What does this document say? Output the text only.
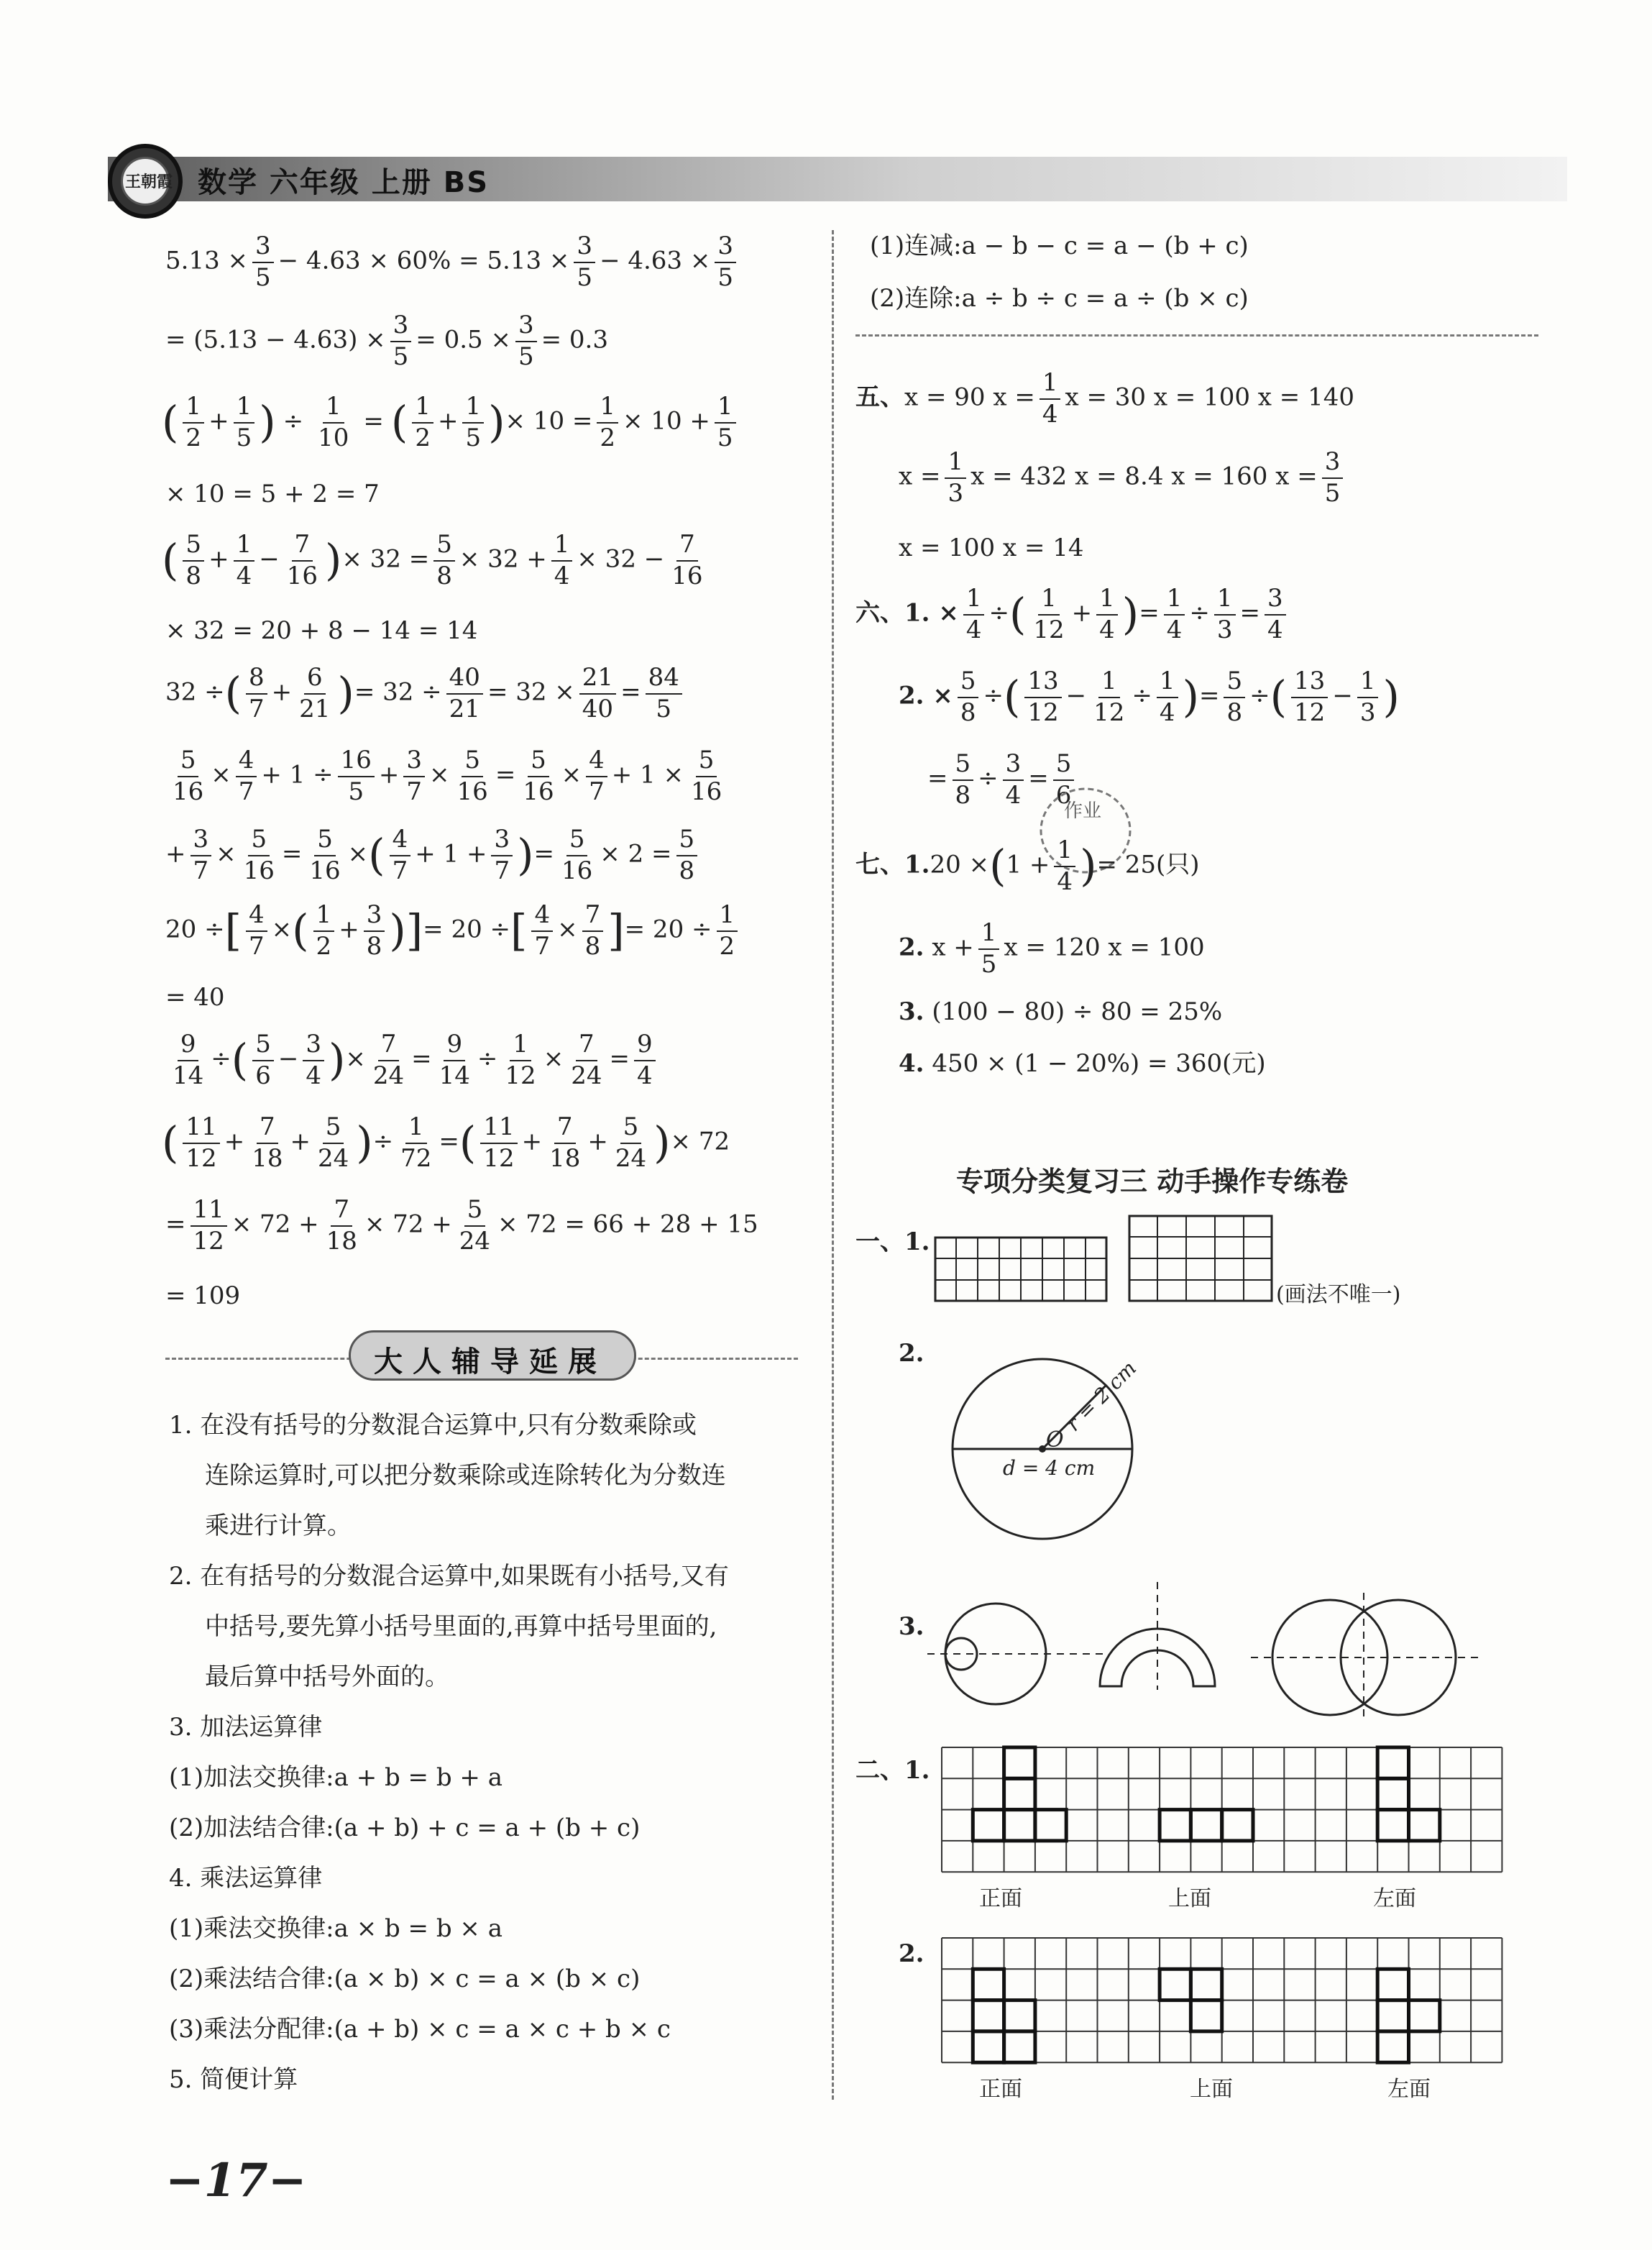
王朝霞 数学 六年级 上册 BS
$5.13 \times \frac{3}{5} - 4.63 \times 60\% = 5.13 \times \frac{3}{5} - 4.63 \times \frac{3}{5}$
= $(5.13 - 4.63) \times \frac{3}{5} = 0.5 \times \frac{3}{5} = 0.3$
( $\frac{1}{2} + \frac{1}{5}$ ) ÷ $\frac{1}{10}$ = ( $\frac{1}{2} + \frac{1}{5}$ )× $10 = \frac{1}{2} \times 10 + \frac{1}{5}$
× 10 = 5 + 2 = 7
( $\frac{5}{8} + \frac{1}{4} - \frac{7}{16}$ )× $32 = \frac{5}{8} \times 32 + \frac{1}{4} \times 32 - \frac{7}{16}$
× 32 = 20 + 8 − 14 = 14
32 ÷( $\frac{8}{7} + \frac{6}{21}$ )= $32 \div \frac{40}{21} = 32 \times \frac{21}{40} = \frac{84}{5}$
$\frac{5}{16} \times \frac{4}{7} + 1 \div \frac{16}{5} + \frac{3}{7} \times \frac{5}{16} = \frac{5}{16} \times \frac{4}{7} + 1 \times \frac{5}{16}$
+ $\frac{3}{7} \times \frac{5}{16} = \frac{5}{16}$ ×( $\frac{4}{7} + 1 + \frac{3}{7}$ )= $\frac{5}{16} \times 2 = \frac{5}{8}$
20 ÷[ $\frac{4}{7}$ ×( $\frac{1}{2} + \frac{3}{8}$ )]= 20 ÷[ $\frac{4}{7} \times \frac{7}{8}$ ]= $20 \div \frac{1}{2}$
= 40
$\frac{9}{14}$ ÷( $\frac{5}{6} - \frac{3}{4}$ )× $\frac{7}{24} = \frac{9}{14} \div \frac{1}{12} \times \frac{7}{24} = \frac{9}{4}$
( $\frac{11}{12} + \frac{7}{18} + \frac{5}{24}$ )÷ $\frac{1}{72}$ =( $\frac{11}{12} + \frac{7}{18} + \frac{5}{24}$ )× 72
= $\frac{11}{12} \times 72 + \frac{7}{18} \times 72 + \frac{5}{24} \times 72 = 66 + 28 + 15$
= 109
大人辅导延展
1. 在没有括号的分数混合运算中,只有分数乘除或
连除运算时,可以把分数乘除或连除转化为分数连
乘进行计算。
2. 在有括号的分数混合运算中,如果既有小括号,又有
中括号,要先算小括号里面的,再算中括号里面的,
最后算中括号外面的。
3. 加法运算律
(1)加法交换律:a + b = b + a
(2)加法结合律:(a + b) + c = a + (b + c)
4. 乘法运算律
(1)乘法交换律:a × b = b × a
(2)乘法结合律:(a × b) × c = a × (b × c)
(3)乘法分配律:(a + b) × c = a × c + b × c
5. 简便计算
(1)连减:a − b − c = a − (b + c)
(2)连除:a ÷ b ÷ c = a ÷ (b × c)
五、x = 90 $x = \frac{1}{4}$ x = 30 x = 100 x = 140
$x = \frac{1}{3}$ x = 432 x = 8.4 x = 160 $x = \frac{3}{5}$
x = 100 x = 14
六、1. × $\frac{1}{4}$ ÷( $\frac{1}{12} + \frac{1}{4}$ )= $\frac{1}{4} \div \frac{1}{3} = \frac{3}{4}$
2. × $\frac{5}{8}$ ÷( $\frac{13}{12} - \frac{1}{12} \div \frac{1}{4}$ )= $\frac{5}{8}$ ÷( $\frac{13}{12} - \frac{1}{3}$ )
= $\frac{5}{8} \div \frac{3}{4} = \frac{5}{6}$
作业
七、$1.20 \times(1 + \frac{1}{4}$ )= 25(只)
2. $x + \frac{1}{5}$ x = 120 x = 100
3. (100 − 80) ÷ 80 = 25%
4. 450 × (1 − 20%) = 360(元)
专项分类复习三 动手操作专练卷
一、1.
(画法不唯一)
2.
r = 2 cm
O
d = 4 cm
3.
二、1.
正面	上面	左面
2.
正面	上面	左面
−17−
